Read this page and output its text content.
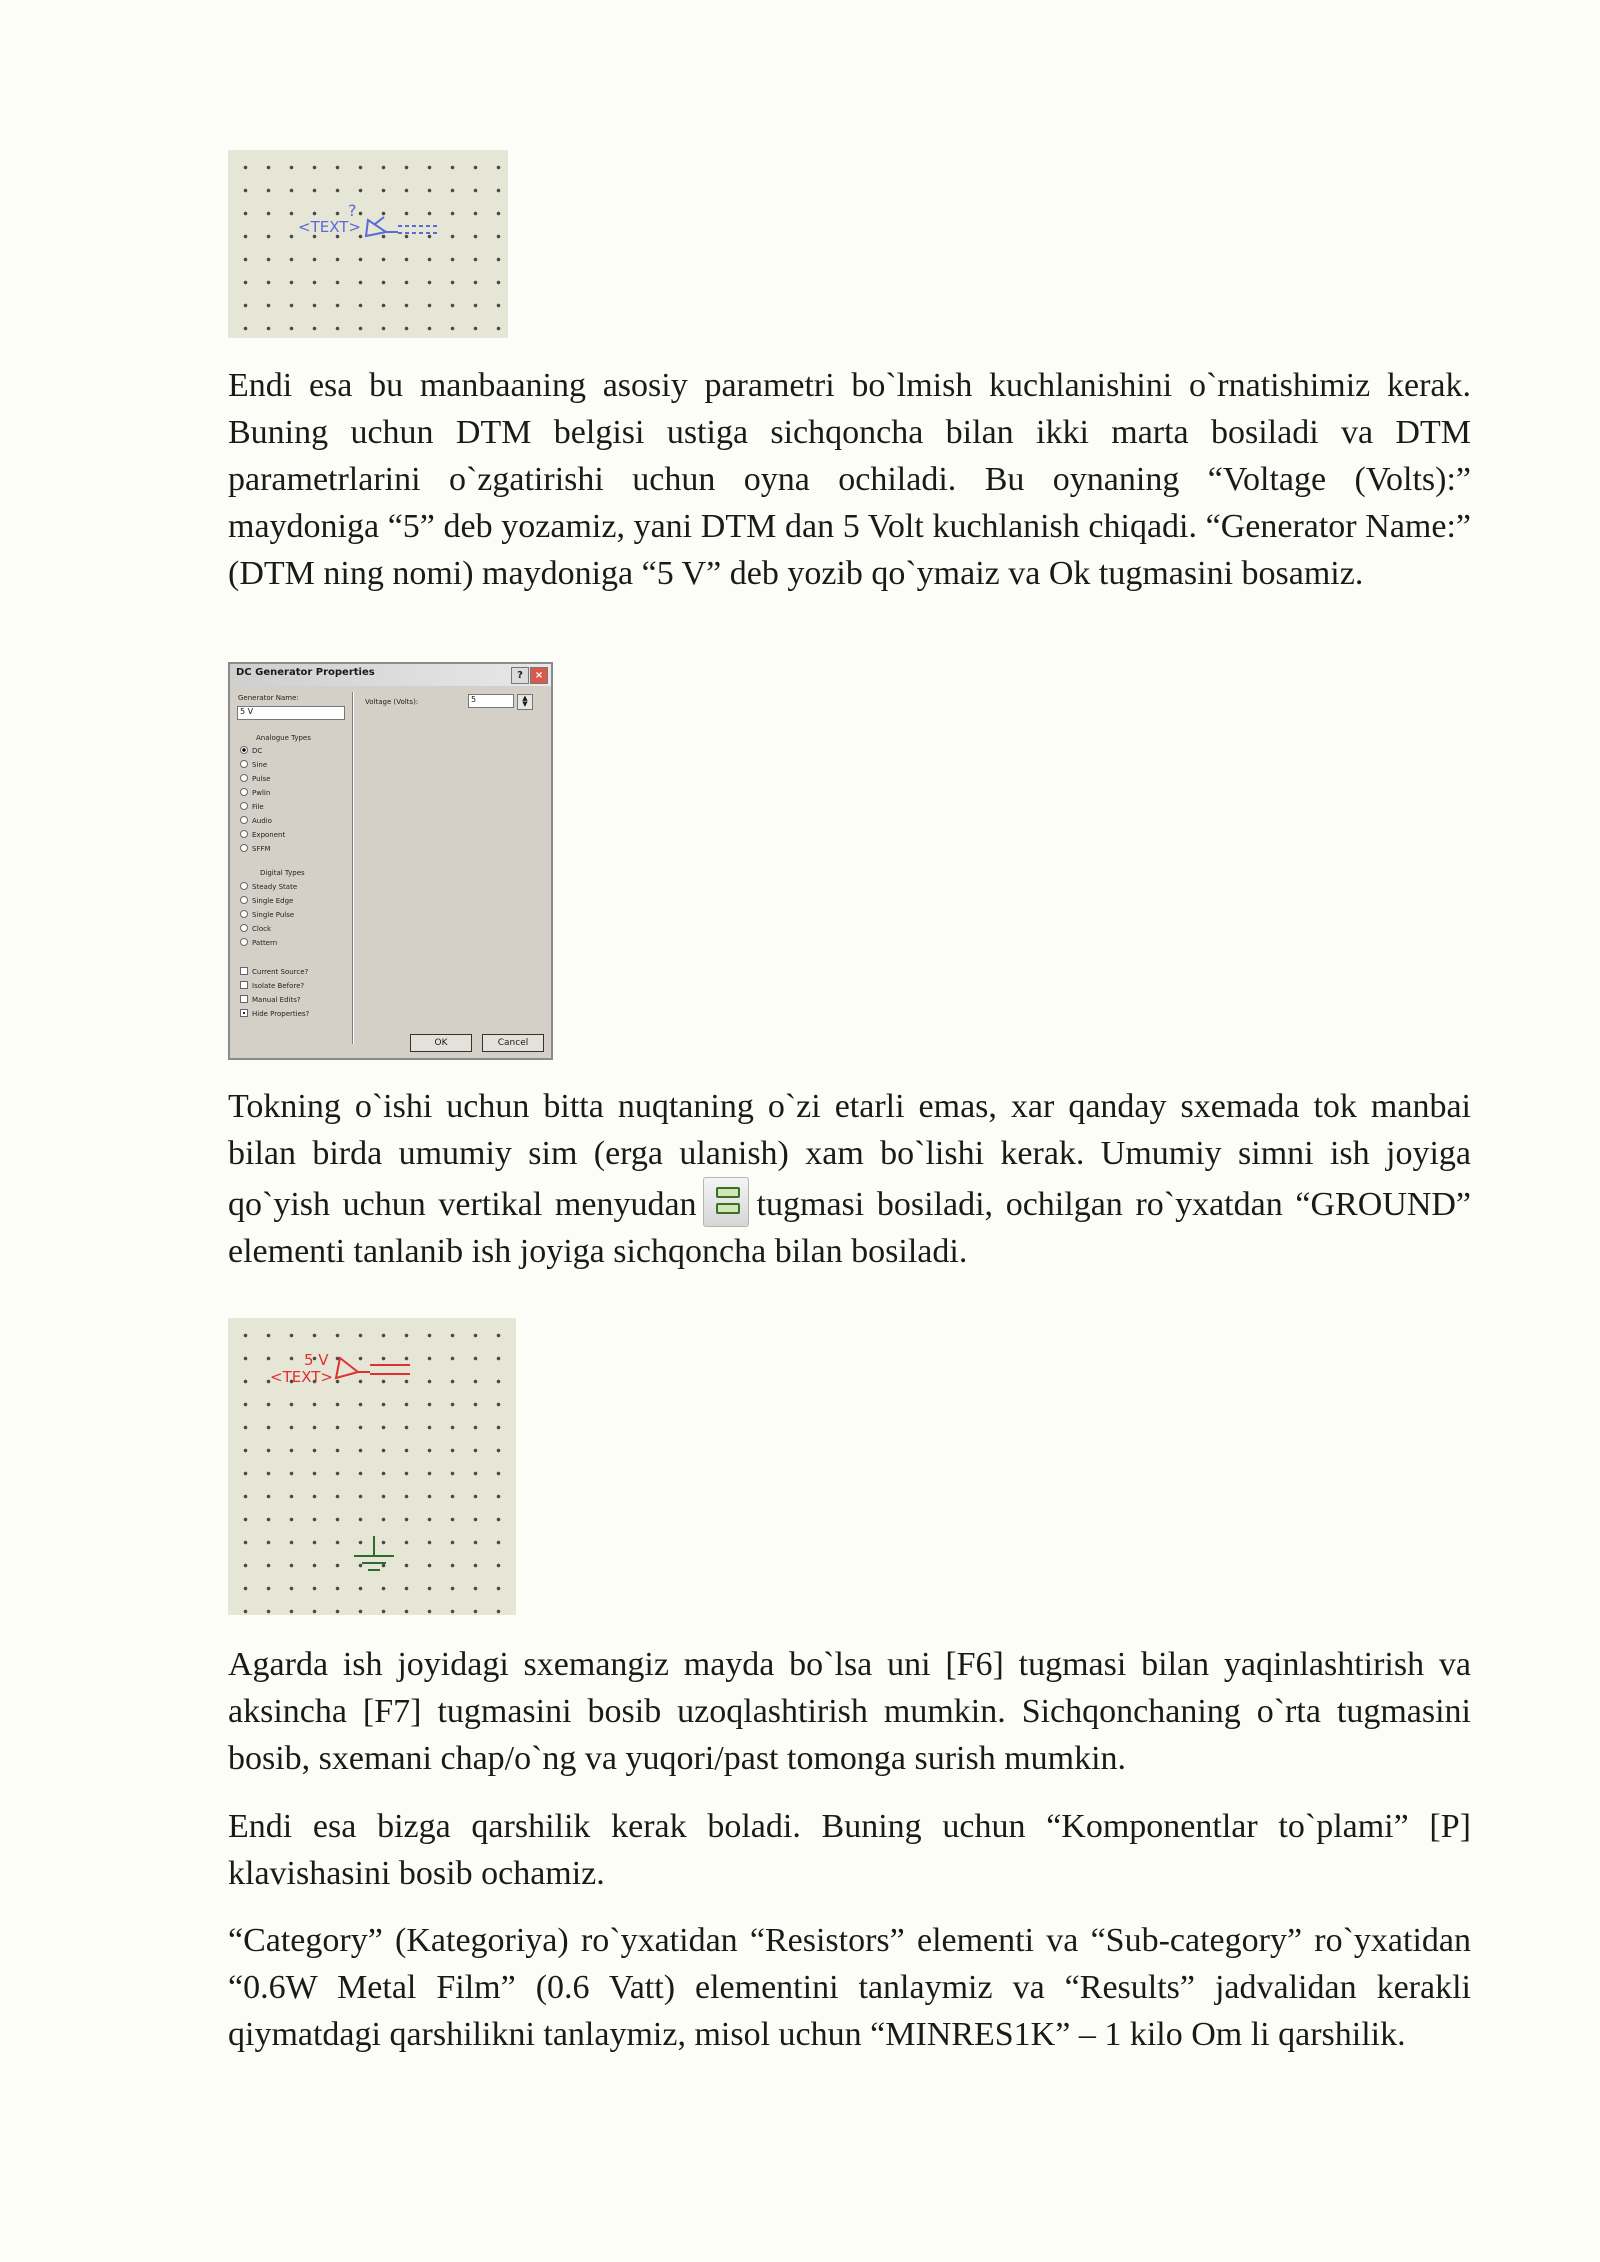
<TEXT>
?

Endi esa bu manbaaning asosiy parametri bo`lmish kuchlanishini o`rnatishimiz kerak. Buning uchun DTM belgisi ustiga sichqoncha bilan ikki marta bosiladi va DTM parametrlarini o`zgatirishi uchun oyna ochiladi. Bu oynaning “Voltage (Volts):” maydoniga “5” deb yozamiz, yani DTM dan 5 Volt kuchlanish chiqadi. “Generator Name:” (DTM ning nomi) maydoniga “5 V” deb yozib qo`ymaiz va Ok tugmasini bosamiz.

DC Generator Properties	?	×
Generator Name:
5 V
Voltage (Volts):	5	▲
▼
Analogue Types
DC
Sine
Pulse
Pwlin
File
Audio
Exponent
SFFM
Digital Types
Steady State
Single Edge
Single Pulse
Clock
Pattern
Current Source?
Isolate Before?
Manual Edits?
Hide Properties?
OK	Cancel

Tokning o`ishi uchun bitta nuqtaning o`zi etarli emas, xar qanday sxemada tok manbai bilan birda umumiy sim (erga ulanish) xam bo`lishi kerak. Umumiy simni ish joyiga qo`yish uchun vertikal menyudan tugmasi bosiladi, ochilgan ro`yxatdan “GROUND” elementi tanlanib ish joyiga sichqoncha bilan bosiladi.

5 V
<TEXT>

Agarda ish joyidagi sxemangiz mayda bo`lsa uni [F6] tugmasi bilan yaqinlashtirish va aksincha [F7] tugmasini bosib uzoqlashtirish mumkin. Sichqonchaning o`rta tugmasini bosib, sxemani chap/o`ng va yuqori/past tomonga surish mumkin.

Endi esa bizga qarshilik kerak boladi. Buning uchun “Komponentlar to`plami” [P] klavishasini bosib ochamiz.

“Category” (Kategoriya) ro`yxatidan “Resistors” elementi va “Sub-category” ro`yxatidan “0.6W Metal Film” (0.6 Vatt) elementini tanlaymiz va “Results” jadvalidan kerakli qiymatdagi qarshilikni tanlaymiz, misol uchun “MINRES1K” – 1 kilo Om li qarshilik.
